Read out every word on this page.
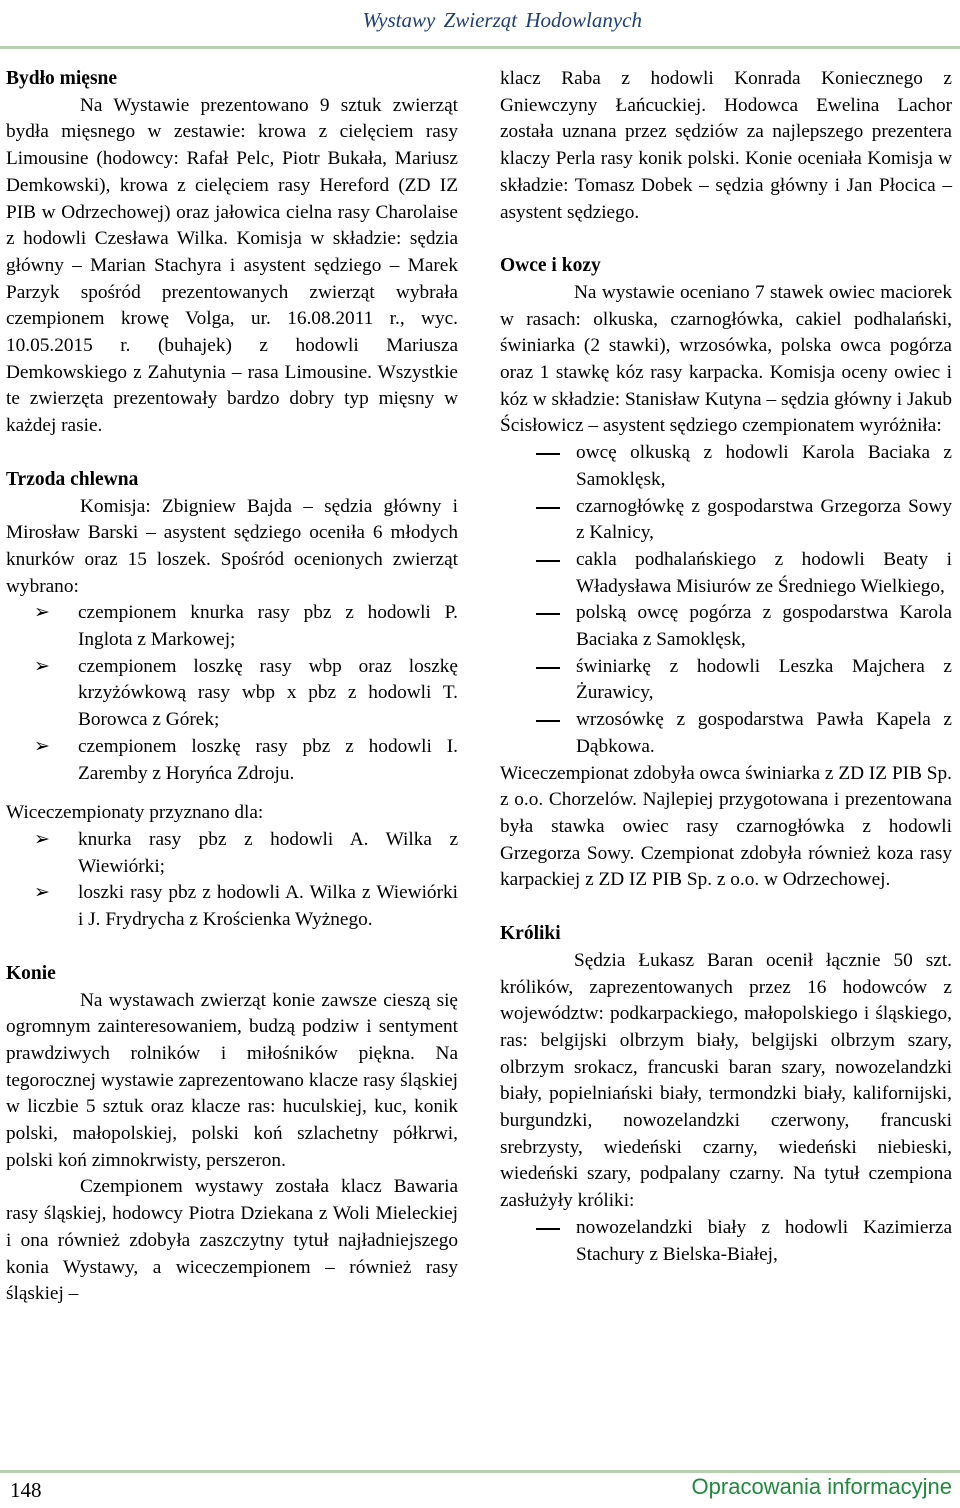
Wystawy Zwierząt Hodowlanych
Bydło mięsne

Na Wystawie prezentowano 9 sztuk zwierząt bydła mięsnego w zestawie: krowa z cielęciem rasy Limousine (hodowcy: Rafał Pelc, Piotr Bukała, Mariusz Demkowski), krowa z cielęciem rasy Hereford (ZD IZ PIB w Odrzechowej) oraz jałowica cielna rasy Charolaise z hodowli Czesława Wilka. Komisja w składzie: sędzia główny – Marian Stachyra i asystent sędziego – Marek Parzyk spośród prezentowanych zwierząt wybrała czempionem krowę Volga, ur. 16.08.2011 r., wyc. 10.05.2015 r. (buhajek) z hodowli Mariusza Demkowskiego z Zahutynia – rasa Limousine. Wszystkie te zwierzęta prezentowały bardzo dobry typ mięsny w każdej rasie.

Trzoda chlewna

Komisja: Zbigniew Bajda – sędzia główny i Mirosław Barski – asystent sędziego oceniła 6 młodych knurków oraz 15 loszek. Spośród ocenionych zwierząt wybrano:

➢ czempionem knurka rasy pbz z hodowli P. Inglota z Markowej;
➢ czempionem loszkę rasy wbp oraz loszkę krzyżówkową rasy wbp x pbz z hodowli T. Borowca z Górek;
➢ czempionem loszkę rasy pbz z hodowli I. Zaremby z Horyńca Zdroju.

Wiceczempionaty przyznano dla:

➢ knurka rasy pbz z hodowli A. Wilka z Wiewiórki;
➢ loszki rasy pbz z hodowli A. Wilka z Wiewiórki i J. Frydrycha z Krościenka Wyżnego.
Konie

Na wystawach zwierząt konie zawsze cieszą się ogromnym zainteresowaniem, budzą podziw i sentyment prawdziwych rolników i miłośników piękna. Na tegorocznej wystawie zaprezentowano klacze rasy śląskiej w liczbie 5 sztuk oraz klacze ras: huculskiej, kuc, konik polski, małopolskiej, polski koń szlachetny półkrwi, polski koń zimnokrwisty, perszeron.

Czempionem wystawy została klacz Bawaria rasy śląskiej, hodowcy Piotra Dziekana z Woli Mieleckiej i ona również zdobyła zaszczytny tytuł najładniejszego konia Wystawy, a wiceczempionem – również rasy śląskiej –

klacz Raba z hodowli Konrada Koniecznego z Gniewczyny Łańcuckiej. Hodowca Ewelina Lachor została uznana przez sędziów za najlepszego prezentera klaczy Perla rasy konik polski. Konie oceniała Komisja w składzie: Tomasz Dobek – sędzia główny i Jan Płocica – asystent sędziego.

Owce i kozy

Na wystawie oceniano 7 stawek owiec maciorek w rasach: olkuska, czarnogłówka, cakiel podhalański, świniarka (2 stawki), wrzosówka, polska owca pogórza oraz 1 stawkę kóz rasy karpacka. Komisja oceny owiec i kóz w składzie: Stanisław Kutyna – sędzia główny i Jakub Ścisłowicz – asystent sędziego czempionatem wyróżniła:

owcę olkuską z hodowli Karola Baciaka z Samoklęsk,
czarnogłówkę z gospodarstwa Grzegorza Sowy z Kalnicy,
cakla podhalańskiego z hodowli Beaty i Władysława Misiurów ze Średniego Wielkiego,
polską owcę pogórza z gospodarstwa Karola Baciaka z Samoklęsk,
świniarkę z hodowli Leszka Majchera z Żurawicy,
wrzosówkę z gospodarstwa Pawła Kapela z Dąbkowa.

Wiceczempionat zdobyła owca świniarka z ZD IZ PIB Sp. z o.o. Chorzelów. Najlepiej przygotowana i prezentowana była stawka owiec rasy czarnogłówka z hodowli Grzegorza Sowy. Czempionat zdobyła również koza rasy karpackiej z ZD IZ PIB Sp. z o.o. w Odrzechowej.

Króliki

Sędzia Łukasz Baran ocenił łącznie 50 szt. królików, zaprezentowanych przez 16 hodowców z województw: podkarpackiego, małopolskiego i śląskiego, ras: belgijski olbrzym biały, belgijski olbrzym szary, olbrzym srokacz, francuski baran szary, nowozelandzki biały, popielniański biały, termondzki biały, kalifornijski, burgundzki, nowozelandzki czerwony, francuski srebrzysty, wiedeński czarny, wiedeński niebieski, wiedeński szary, podpalany czarny. Na tytuł czempiona zasłużyły króliki:

nowozelandzki biały z hodowli Kazimierza Stachury z Bielska-Białej,
148	Opracowania informacyjne
